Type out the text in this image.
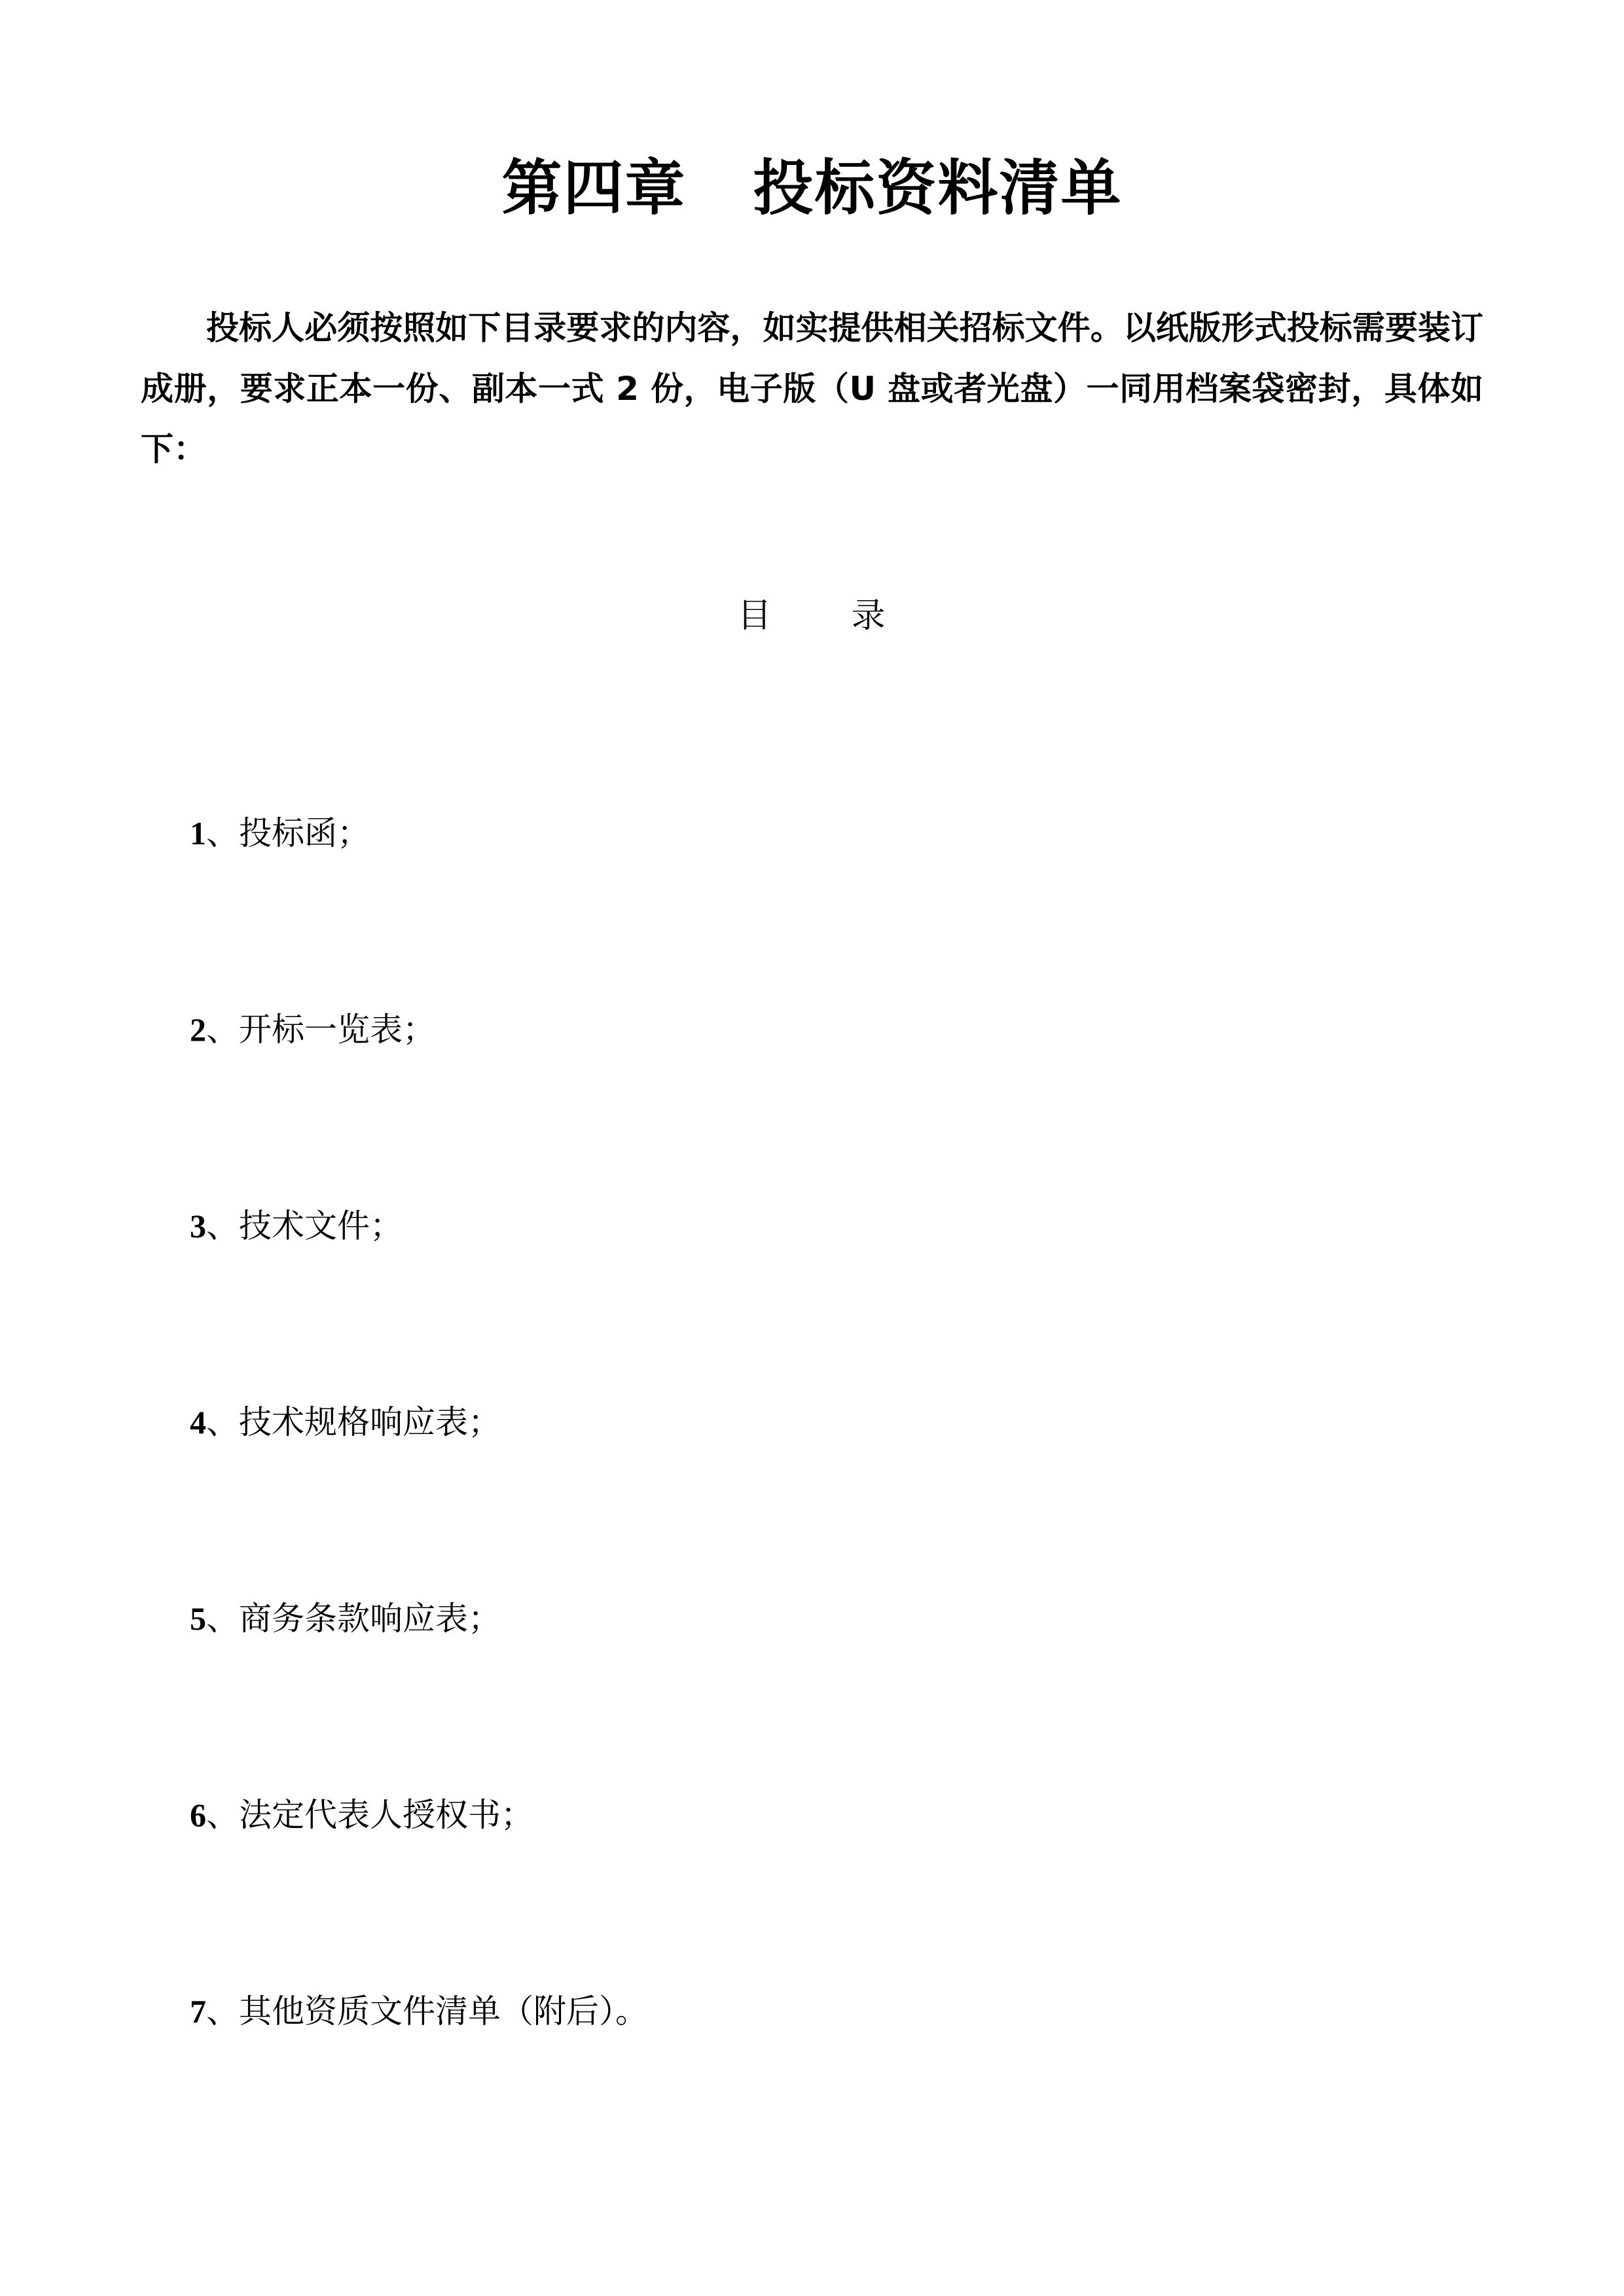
第四章   投标资料清单

投标人必须按照如下目录要求的内容，如实提供相关招标文件。以纸版形式投标需要装订成册，要求正本一份、副本一式 2 份，电子版（U 盘或者光盘）一同用档案袋密封，具体如下：

目        录

1、投标函；

2、开标一览表；

3、技术文件；

4、技术规格响应表；

5、商务条款响应表；

6、法定代表人授权书；

7、其他资质文件清单（附后）。
